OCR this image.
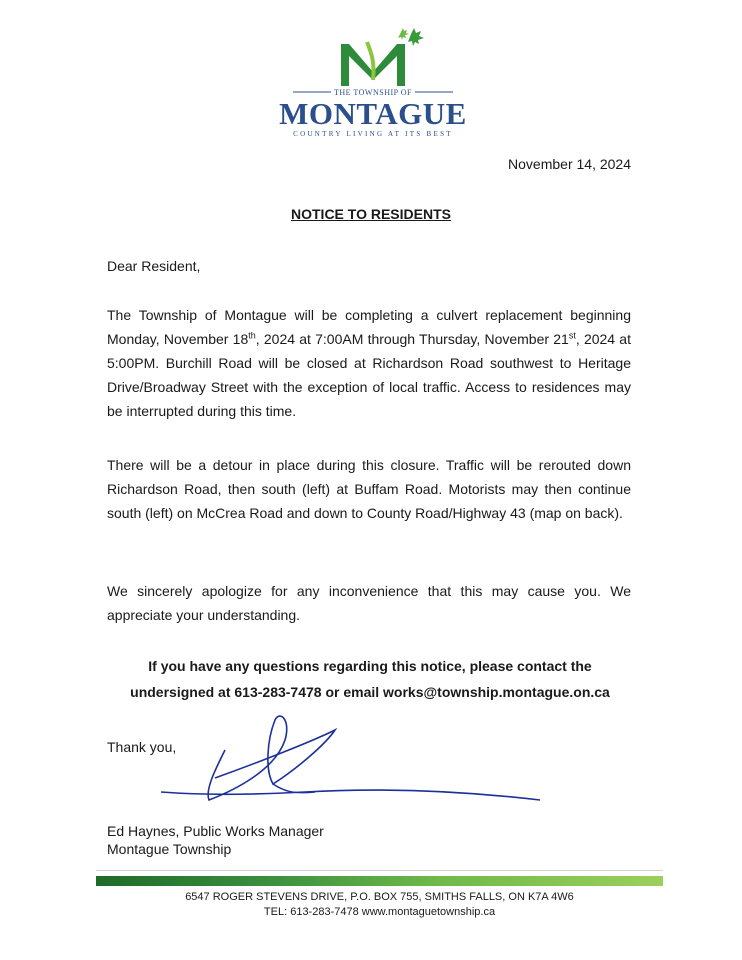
THE TOWNSHIP OF
MONTAGUE
COUNTRY LIVING AT ITS BEST
November 14, 2024
NOTICE TO RESIDENTS
Dear Resident,
The Township of Montague will be completing a culvert replacement beginning Monday, November 18th, 2024 at 7:00AM through Thursday, November 21st, 2024 at 5:00PM. Burchill Road will be closed at Richardson Road southwest to Heritage Drive/Broadway Street with the exception of local traffic. Access to residences may be interrupted during this time.
There will be a detour in place during this closure. Traffic will be rerouted down Richardson Road, then south (left) at Buffam Road. Motorists may then continue south (left) on McCrea Road and down to County Road/Highway 43 (map on back).
We sincerely apologize for any inconvenience that this may cause you. We appreciate your understanding.
If you have any questions regarding this notice, please contact the
undersigned at 613-283-7478 or email works@township.montague.on.ca
Thank you,
Ed Haynes, Public Works Manager
Montague Township
6547 ROGER STEVENS DRIVE, P.O. BOX 755, SMITHS FALLS, ON K7A 4W6
TEL: 613-283-7478 www.montaguetownship.ca
